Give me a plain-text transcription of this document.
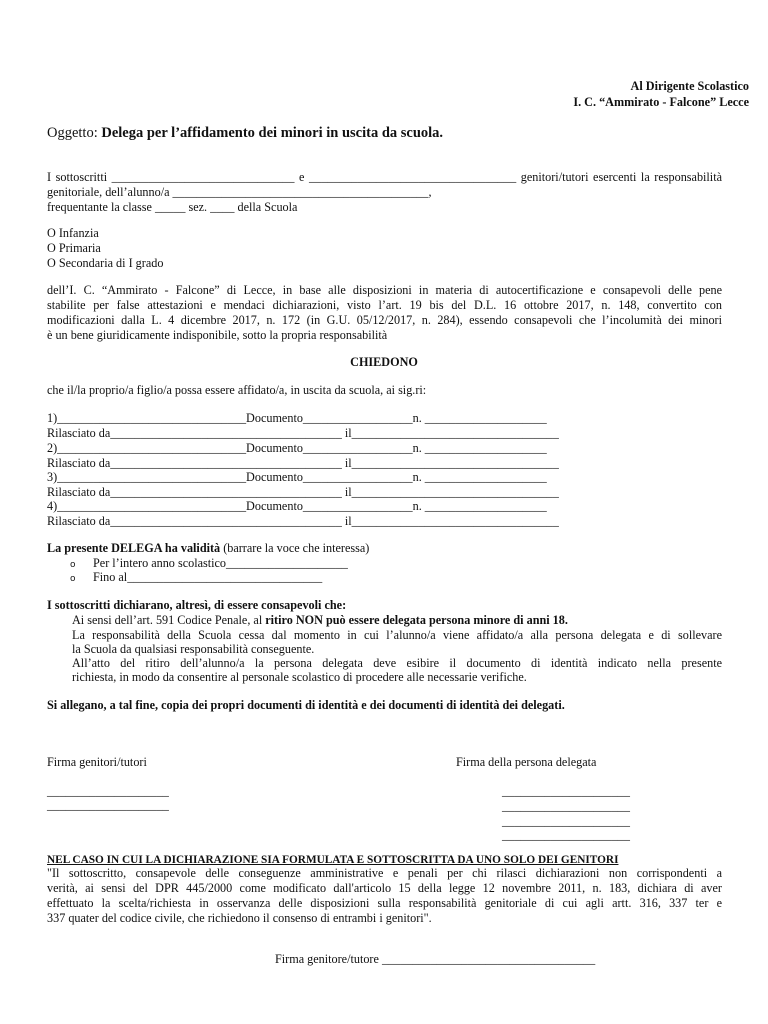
Al Dirigente Scolastico
I. C. “Ammirato - Falcone” Lecce
Oggetto: Delega per l’affidamento dei minori in uscita da scuola.
I sottoscritti ______________________________ e __________________________________ genitori/tutori esercenti la responsabilità
genitoriale, dell’alunno/a __________________________________________,
frequentante la classe _____ sez. ____ della Scuola
O Infanzia
O Primaria
O Secondaria di I grado
dell’I. C. “Ammirato - Falcone” di Lecce, in base alle disposizioni in materia di autocertificazione e consapevoli delle pene
stabilite per false attestazioni e mendaci dichiarazioni, visto l’art. 19 bis del D.L. 16 ottobre 2017, n. 148, convertito con
modificazioni dalla L. 4 dicembre 2017, n. 172 (in G.U. 05/12/2017, n. 284), essendo consapevoli che l’incolumità dei minori
è un bene giuridicamente indisponibile, sotto la propria responsabilità
CHIEDONO
che il/la proprio/a figlio/a possa essere affidato/a, in uscita da scuola, ai sig.ri:
1)_______________________________Documento__________________n. ____________________
Rilasciato da______________________________________ il__________________________________
2)_______________________________Documento__________________n. ____________________
Rilasciato da______________________________________ il__________________________________
3)_______________________________Documento__________________n. ____________________
Rilasciato da______________________________________ il__________________________________
4)_______________________________Documento__________________n. ____________________
Rilasciato da______________________________________ il__________________________________
La presente DELEGA ha validità (barrare la voce che interessa)
o Per l’intero anno scolastico____________________
o Fino al________________________________
I sottoscritti dichiarano, altresì, di essere consapevoli che:
Ai sensi dell’art. 591 Codice Penale, al ritiro NON può essere delegata persona minore di anni 18.
La responsabilità della Scuola cessa dal momento in cui l’alunno/a viene affidato/a alla persona delegata e di sollevare
la Scuola da qualsiasi responsabilità conseguente.
All’atto del ritiro dell’alunno/a la persona delegata deve esibire il documento di identità indicato nella presente
richiesta, in modo da consentire al personale scolastico di procedere alle necessarie verifiche.
Si allegano, a tal fine, copia dei propri documenti di identità e dei documenti di identità dei delegati.
Firma genitori/tutori	Firma della persona delegata
____________________
____________________
_____________________
_____________________
_____________________
_____________________
NEL CASO IN CUI LA DICHIARAZIONE SIA FORMULATA E SOTTOSCRITTA DA UNO SOLO DEI GENITORI
"Il sottoscritto, consapevole delle conseguenze amministrative e penali per chi rilasci dichiarazioni non corrispondenti a
verità, ai sensi del DPR 445/2000 come modificato dall'articolo 15 della legge 12 novembre 2011, n. 183, dichiara di aver
effettuato la scelta/richiesta in osservanza delle disposizioni sulla responsabilità genitoriale di cui agli artt. 316, 337 ter e
337 quater del codice civile, che richiedono il consenso di entrambi i genitori".
Firma genitore/tutore ___________________________________
